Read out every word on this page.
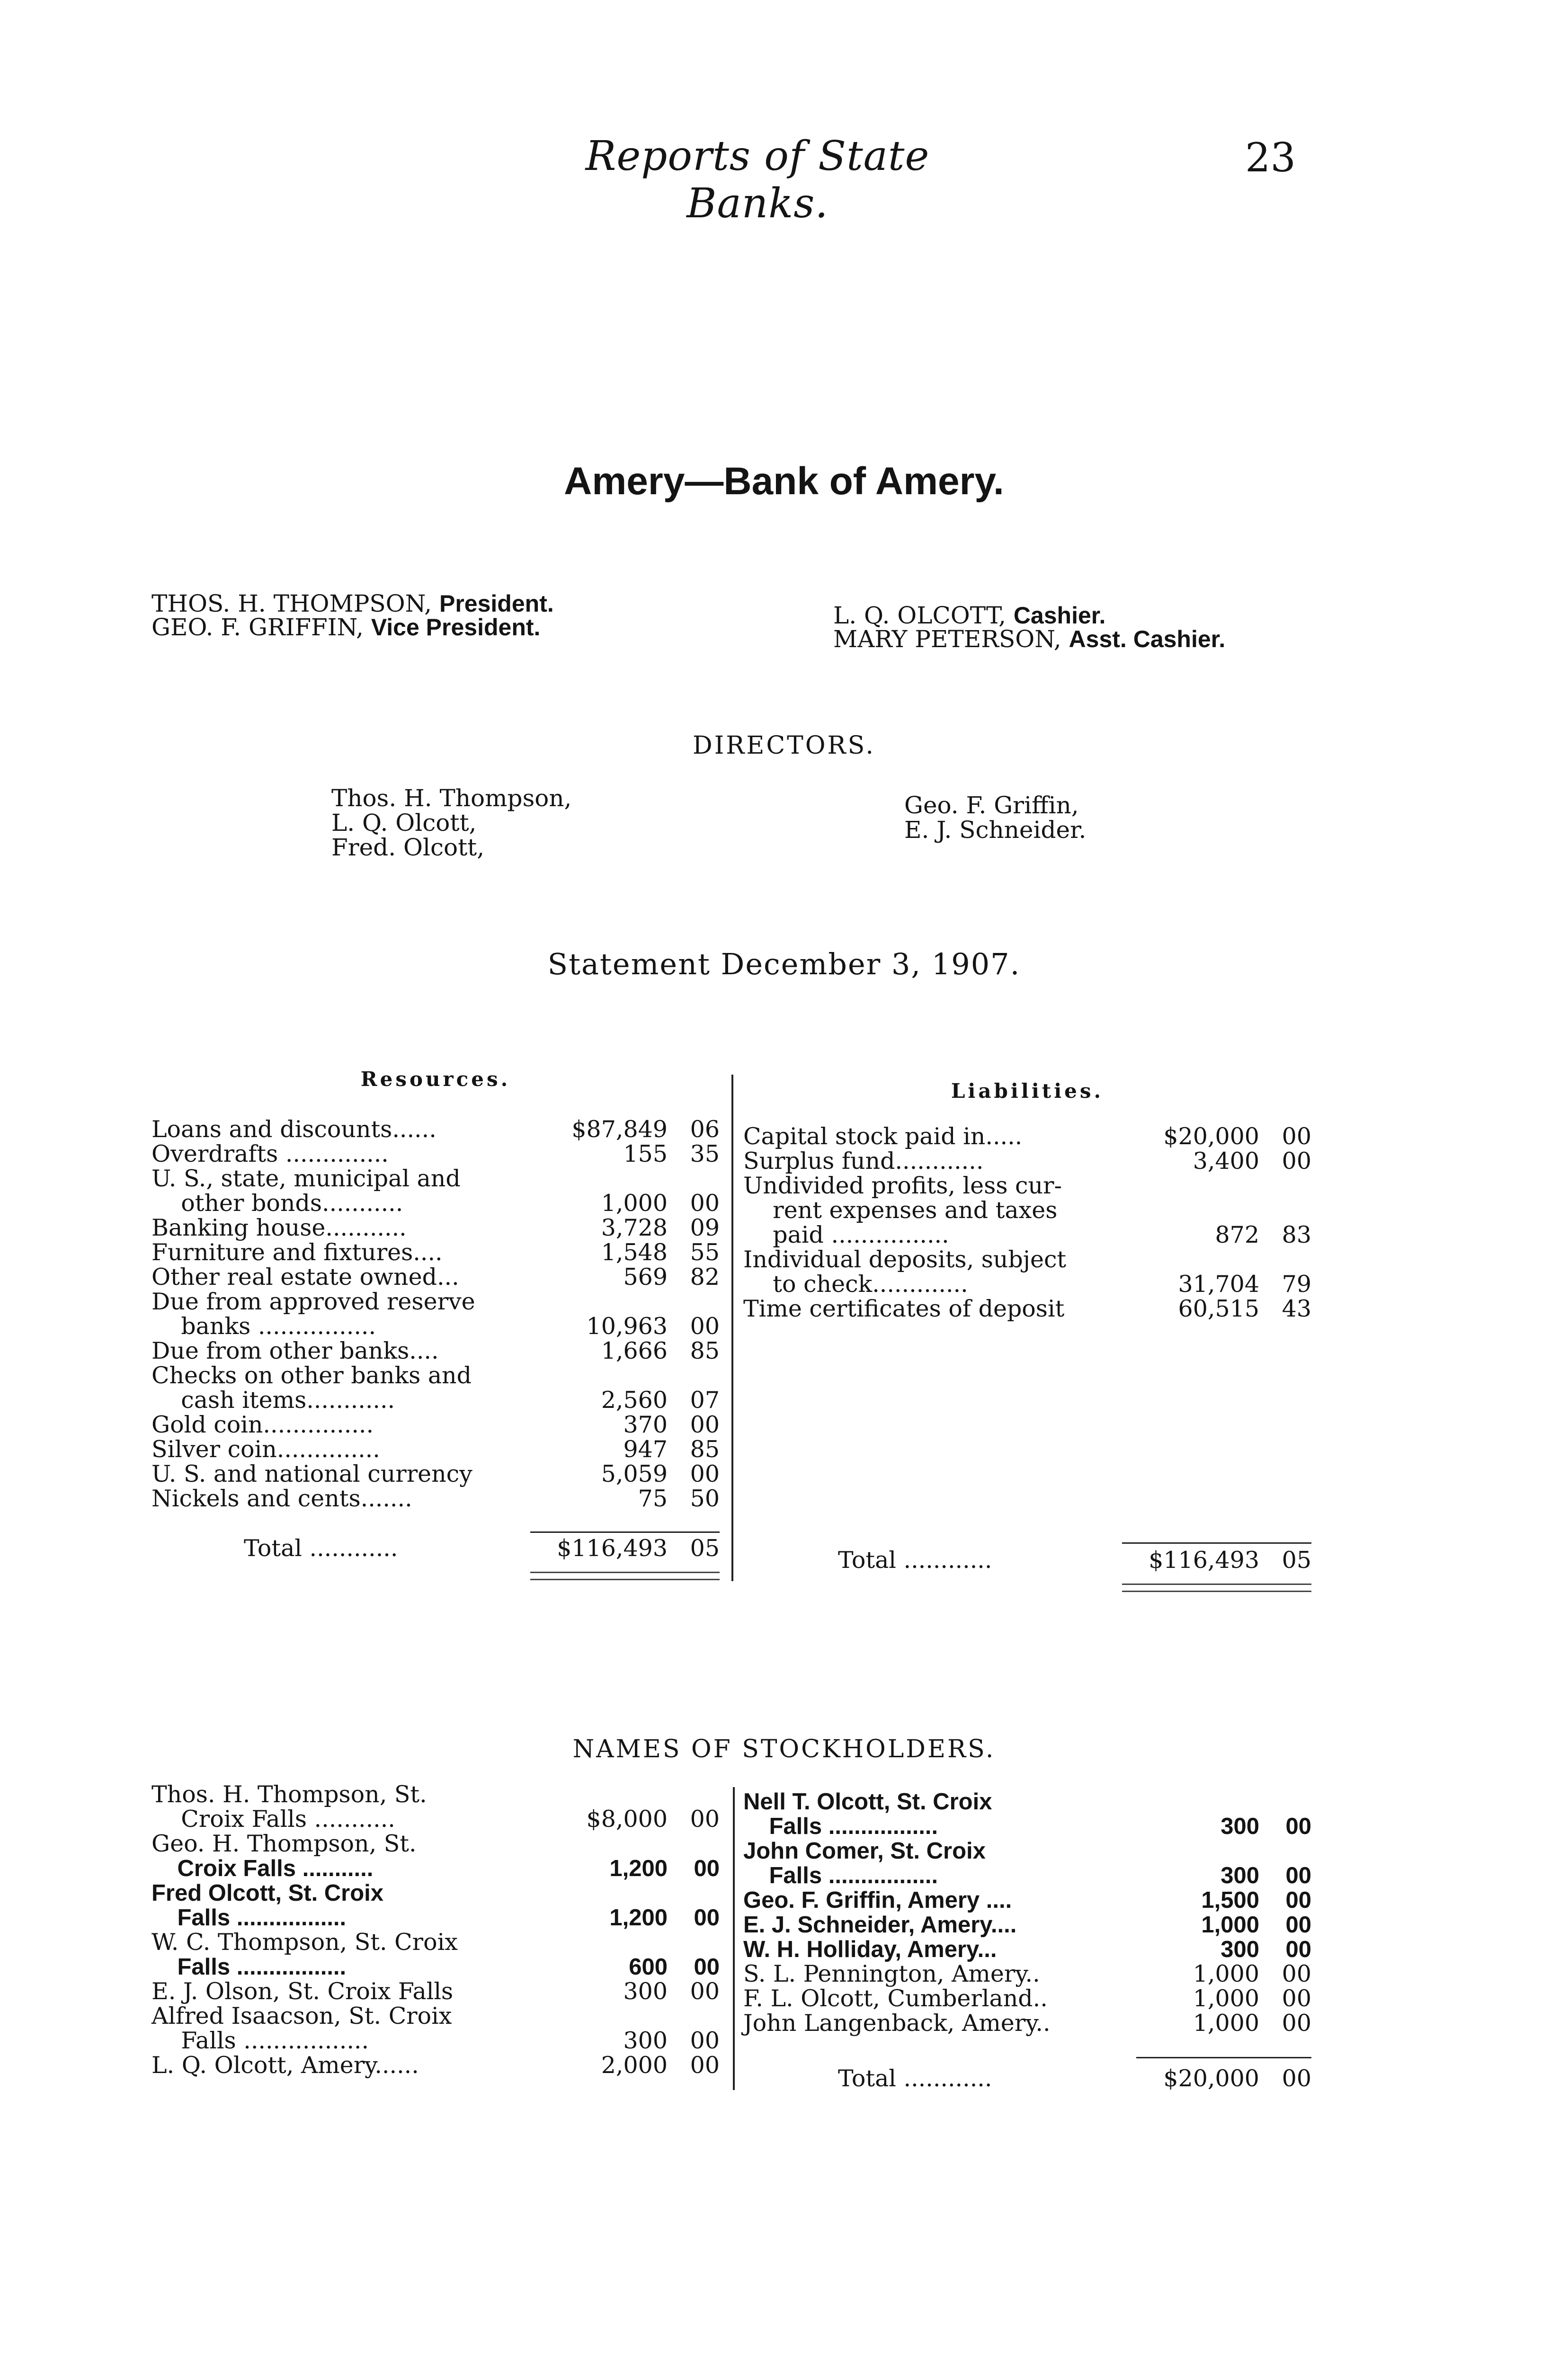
Reports of State Banks.
23
Amery—Bank of Amery.
THOS. H. THOMPSON, President.
GEO. F. GRIFFIN, Vice President.	L. Q. OLCOTT, Cashier.
MARY PETERSON, Asst. Cashier.
DIRECTORS.
Thos. H. Thompson,
L. Q. Olcott,
Fred. Olcott,
Geo. F. Griffin,
E. J. Schneider.
Statement December 3, 1907.
Resources.
Liabilities.
Loans and discounts......	$87,849 06
Overdrafts ..............	155 35
U. S., state, municipal and
other bonds...........	1,000 00
Banking house...........	3,728 09
Furniture and fixtures....	1,548 55
Other real estate owned...	569 82
Due from approved reserve
banks ................	10,963 00
Due from other banks....	1,666 85
Checks on other banks and
cash items............	2,560 07
Gold coin...............	370 00
Silver coin..............	947 85
U. S. and national currency	5,059 00
Nickels and cents.......	75 50
Total ............	$116,493 05
Capital stock paid in.....	$20,000 00
Surplus fund............	3,400 00
Undivided profits, less cur-
rent expenses and taxes
paid ................	872 83
Individual deposits, subject
to check.............	31,704 79
Time certificates of deposit	60,515 43
Total ............	$116,493 05
NAMES OF STOCKHOLDERS.
Thos. H. Thompson, St.
Croix Falls ...........	$8,000 00
Geo. H. Thompson, St.
Croix Falls ...........	1,200	00
Fred Olcott, St. Croix
Falls .................	1,200	00
W. C. Thompson, St. Croix
Falls .................	600	00
E. J. Olson, St. Croix Falls	300 00
Alfred Isaacson, St. Croix
Falls .................	300 00
L. Q. Olcott, Amery......	2,000 00
Nell T. Olcott, St. Croix
Falls .................	300	00
John Comer, St. Croix
Falls .................	300	00
Geo. F. Griffin, Amery ....	1,500	00
E. J. Schneider, Amery....	1,000	00
W. H. Holliday, Amery...	300	00
S. L. Pennington, Amery..	1,000 00
F. L. Olcott, Cumberland..	1,000 00
John Langenback, Amery..	1,000 00
Total ............	$20,000 00
